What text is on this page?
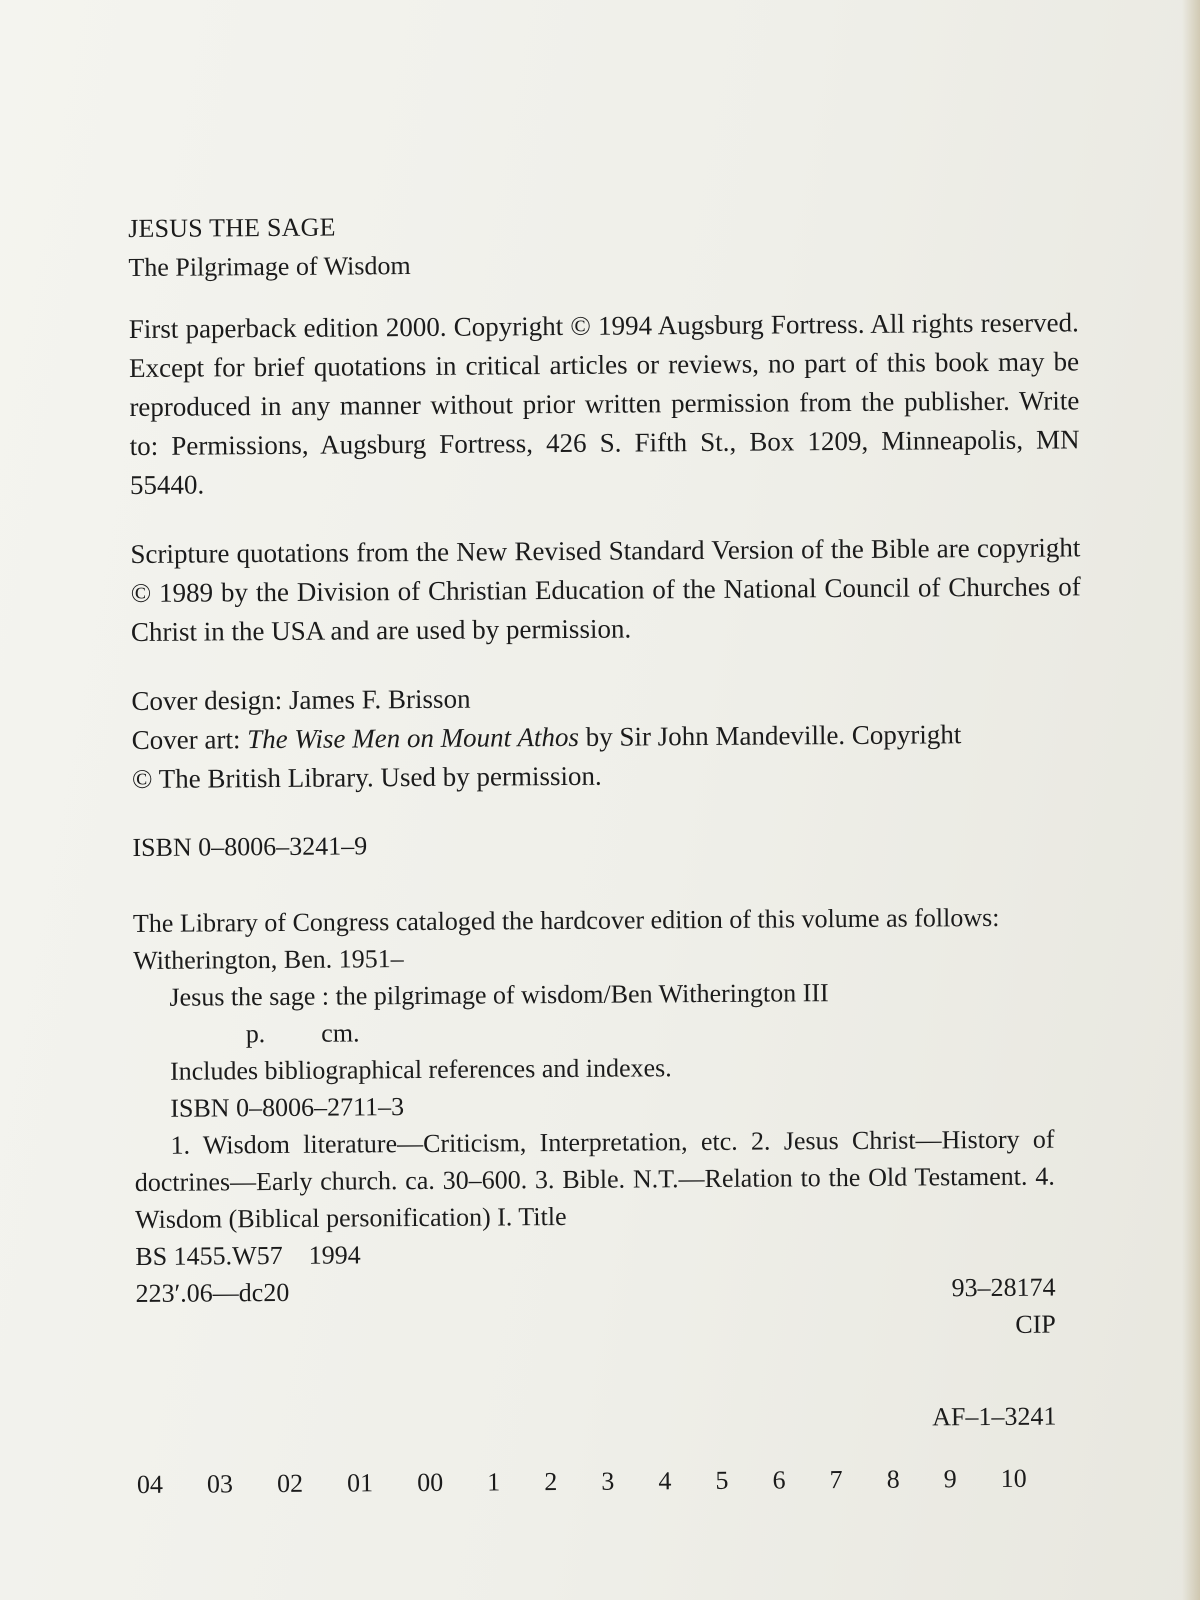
JESUS THE SAGE

The Pilgrimage of Wisdom

First paperback edition 2000. Copyright © 1994 Augsburg Fortress. All rights reserved. Except for brief quotations in critical articles or reviews, no part of this book may be reproduced in any manner without prior written permission from the publisher. Write to: Permissions, Augsburg Fortress, 426 S. Fifth St., Box 1209, Minneapolis, MN 55440.

Scripture quotations from the New Revised Standard Version of the Bible are copyright © 1989 by the Division of Christian Education of the National Council of Churches of Christ in the USA and are used by permission.

Cover design: James F. Brisson

Cover art: The Wise Men on Mount Athos by Sir John Mandeville. Copyright

© The British Library. Used by permission.

ISBN 0–8006–3241–9

The Library of Congress cataloged the hardcover edition of this volume as follows:

Witherington, Ben. 1951–

Jesus the sage : the pilgrimage of wisdom/Ben Witherington III

p. cm.

Includes bibliographical references and indexes.

ISBN 0–8006–2711–3

1. Wisdom literature—Criticism, Interpretation, etc. 2. Jesus Christ—History of doctrines—Early church. ca. 30–600. 3. Bible. N.T.—Relation to the Old Testament. 4. Wisdom (Biblical personification) I. Title

BS 1455.W57    1994

223′.06—dc20	93–28174

CIP

AF–1–3241

04 03 02 01 00 1 2 3 4 5 6 7 8 9 10
